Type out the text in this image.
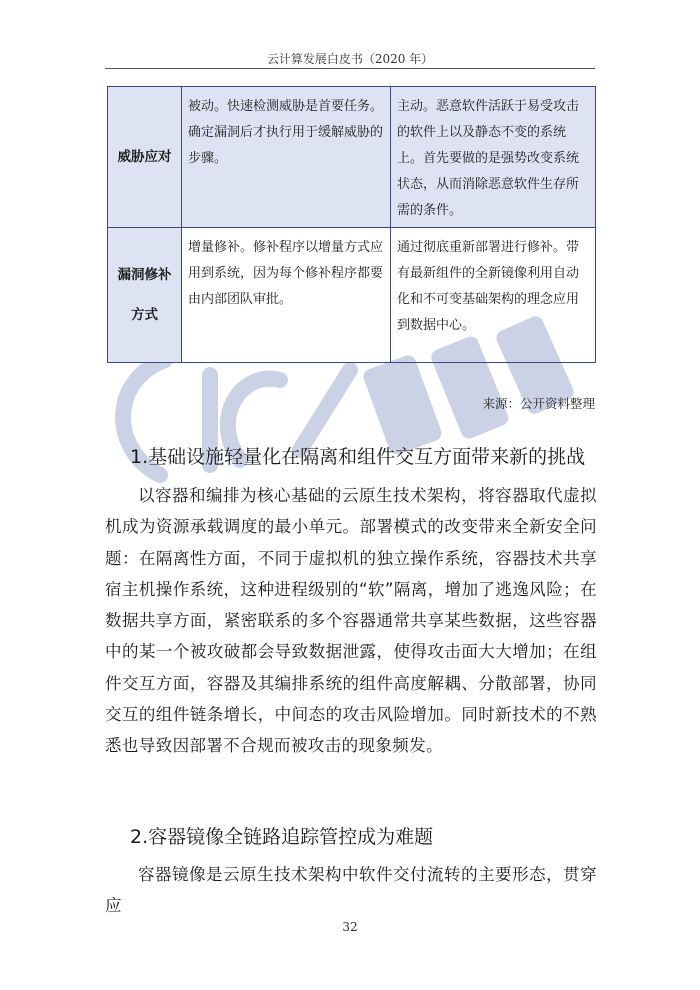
云计算发展白皮书（2020 年）
威胁应对	被动。快速检测威胁是首要任务。确定漏洞后才执行用于缓解威胁的步骤。	主动。恶意软件活跃于易受攻击的软件上以及静态不变的系统上。首先要做的是强势改变系统状态，从而消除恶意软件生存所需的条件。
漏洞修补方式	增量修补。修补程序以增量方式应用到系统，因为每个修补程序都要由内部团队审批。	通过彻底重新部署进行修补。带有最新组件的全新镜像利用自动化和不可变基础架构的理念应用到数据中心。
来源：公开资料整理
1.基础设施轻量化在隔离和组件交互方面带来新的挑战

以容器和编排为核心基础的云原生技术架构，将容器取代虚拟机成为资源承载调度的最小单元。部署模式的改变带来全新安全问题：在隔离性方面，不同于虚拟机的独立操作系统，容器技术共享宿主机操作系统，这种进程级别的“软”隔离，增加了逃逸风险；在数据共享方面，紧密联系的多个容器通常共享某些数据，这些容器中的某一个被攻破都会导致数据泄露，使得攻击面大大增加；在组件交互方面，容器及其编排系统的组件高度解耦、分散部署，协同交互的组件链条增长，中间态的攻击风险增加。同时新技术的不熟悉也导致因部署不合规而被攻击的现象频发。

2.容器镜像全链路追踪管控成为难题

容器镜像是云原生技术架构中软件交付流转的主要形态，贯穿应

32
